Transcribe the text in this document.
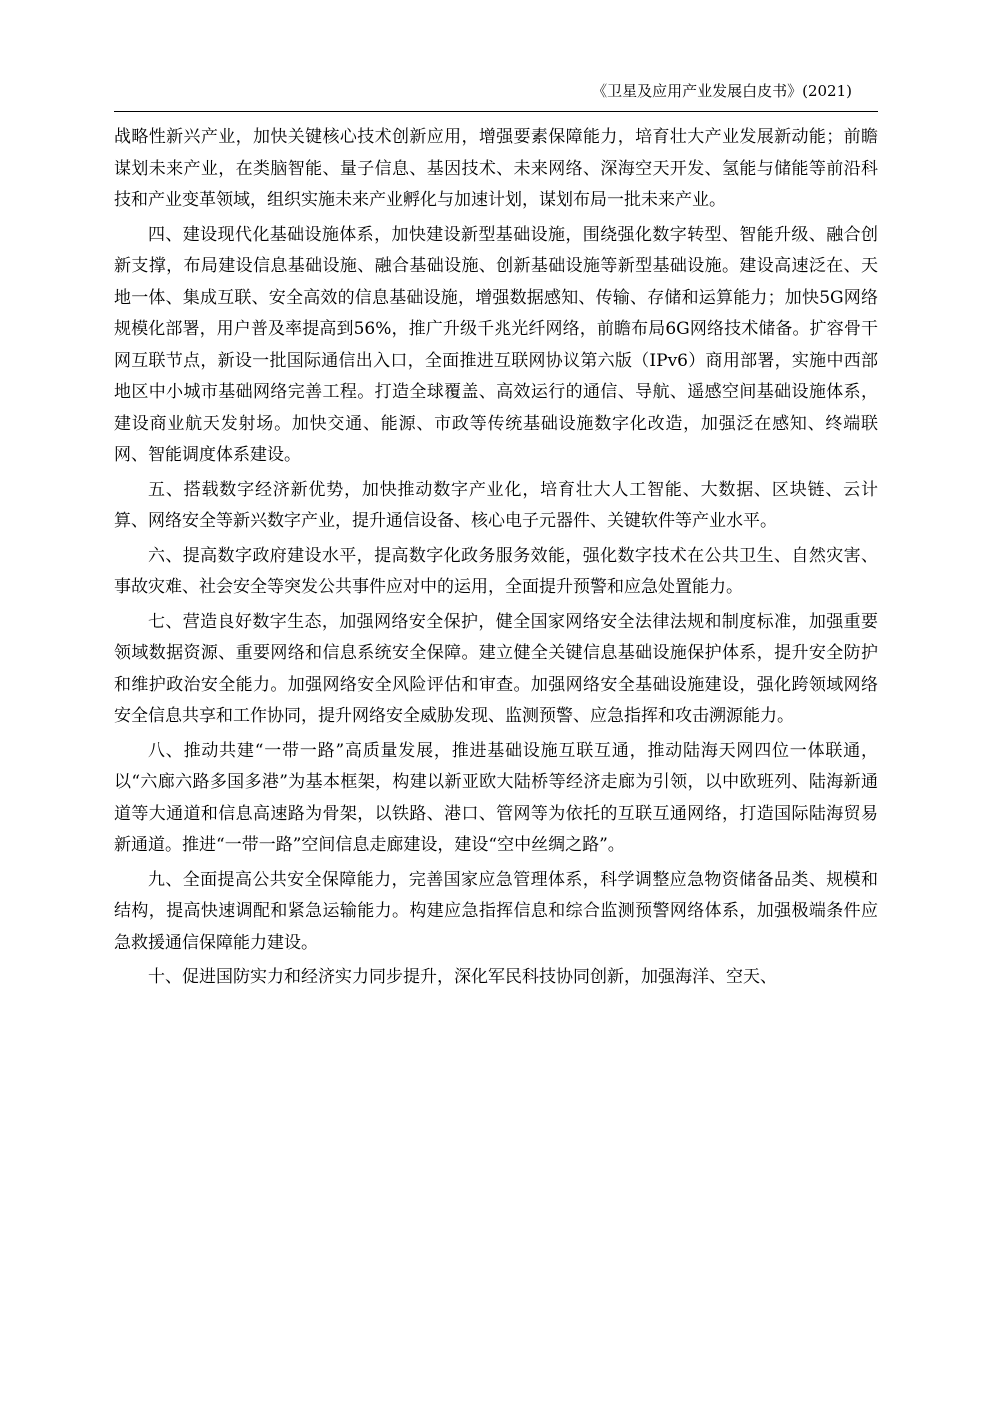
《卫星及应用产业发展白皮书》(2021)

战略性新兴产业，加快关键核心技术创新应用，增强要素保障能力，培育壮大产业发展新动能；前瞻谋划未来产业，在类脑智能、量子信息、基因技术、未来网络、深海空天开发、氢能与储能等前沿科技和产业变革领域，组织实施未来产业孵化与加速计划，谋划布局一批未来产业。

四、建设现代化基础设施体系，加快建设新型基础设施，围绕强化数字转型、智能升级、融合创新支撑，布局建设信息基础设施、融合基础设施、创新基础设施等新型基础设施。建设高速泛在、天地一体、集成互联、安全高效的信息基础设施，增强数据感知、传输、存储和运算能力；加快5G网络规模化部署，用户普及率提高到56%，推广升级千兆光纤网络，前瞻布局6G网络技术储备。扩容骨干网互联节点，新设一批国际通信出入口，全面推进互联网协议第六版（IPv6）商用部署，实施中西部地区中小城市基础网络完善工程。打造全球覆盖、高效运行的通信、导航、遥感空间基础设施体系，建设商业航天发射场。加快交通、能源、市政等传统基础设施数字化改造，加强泛在感知、终端联网、智能调度体系建设。

五、搭载数字经济新优势，加快推动数字产业化，培育壮大人工智能、大数据、区块链、云计算、网络安全等新兴数字产业，提升通信设备、核心电子元器件、关键软件等产业水平。

六、提高数字政府建设水平，提高数字化政务服务效能，强化数字技术在公共卫生、自然灾害、事故灾难、社会安全等突发公共事件应对中的运用，全面提升预警和应急处置能力。

七、营造良好数字生态，加强网络安全保护，健全国家网络安全法律法规和制度标准，加强重要领域数据资源、重要网络和信息系统安全保障。建立健全关键信息基础设施保护体系，提升安全防护和维护政治安全能力。加强网络安全风险评估和审查。加强网络安全基础设施建设，强化跨领域网络安全信息共享和工作协同，提升网络安全威胁发现、监测预警、应急指挥和攻击溯源能力。

八、推动共建“一带一路”高质量发展，推进基础设施互联互通，推动陆海天网四位一体联通，以“六廊六路多国多港”为基本框架，构建以新亚欧大陆桥等经济走廊为引领，以中欧班列、陆海新通道等大通道和信息高速路为骨架，以铁路、港口、管网等为依托的互联互通网络，打造国际陆海贸易新通道。推进“一带一路”空间信息走廊建设，建设“空中丝绸之路”。

九、全面提高公共安全保障能力，完善国家应急管理体系，科学调整应急物资储备品类、规模和结构，提高快速调配和紧急运输能力。构建应急指挥信息和综合监测预警网络体系，加强极端条件应急救援通信保障能力建设。

十、促进国防实力和经济实力同步提升，深化军民科技协同创新，加强海洋、空天、
